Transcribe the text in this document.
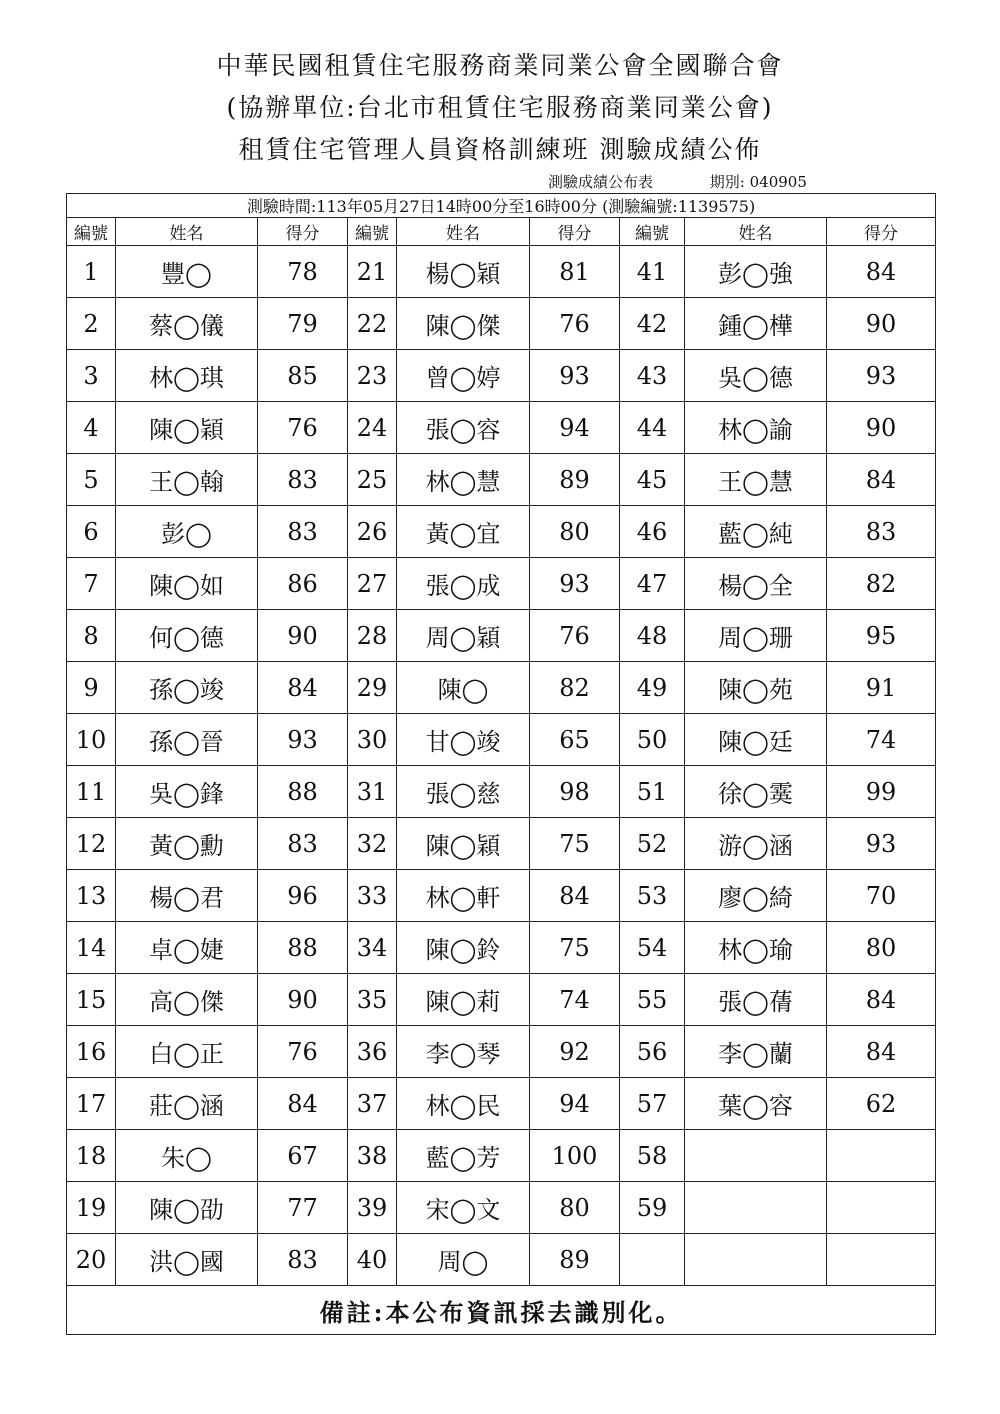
中華民國租賃住宅服務商業同業公會全國聯合會
(協辦單位:台北市租賃住宅服務商業同業公會)
租賃住宅管理人員資格訓練班 測驗成績公佈
測驗成績公布表	期別: 040905
測驗時間:113年05月27日14時00分至16時00分 (測驗編號:1139575)								
編號	姓名	得分	編號	姓名	得分	編號	姓名	得分
1	豐◯	78	21	楊◯穎	81	41	彭◯強	84
2	蔡◯儀	79	22	陳◯傑	76	42	鍾◯樺	90
3	林◯琪	85	23	曾◯婷	93	43	吳◯德	93
4	陳◯穎	76	24	張◯容	94	44	林◯諭	90
5	王◯翰	83	25	林◯慧	89	45	王◯慧	84
6	彭◯	83	26	黃◯宜	80	46	藍◯純	83
7	陳◯如	86	27	張◯成	93	47	楊◯全	82
8	何◯德	90	28	周◯穎	76	48	周◯珊	95
9	孫◯竣	84	29	陳◯	82	49	陳◯苑	91
10	孫◯晉	93	30	甘◯竣	65	50	陳◯廷	74
11	吳◯鋒	88	31	張◯慈	98	51	徐◯霙	99
12	黃◯勳	83	32	陳◯穎	75	52	游◯涵	93
13	楊◯君	96	33	林◯軒	84	53	廖◯綺	70
14	卓◯婕	88	34	陳◯鈴	75	54	林◯瑜	80
15	高◯傑	90	35	陳◯莉	74	55	張◯蒨	84
16	白◯正	76	36	李◯琴	92	56	李◯蘭	84
17	莊◯涵	84	37	林◯民	94	57	葉◯容	62
18	朱◯	67	38	藍◯芳	100	58		
19	陳◯劭	77	39	宋◯文	80	59		
20	洪◯國	83	40	周◯	89			
備註:本公布資訊採去識別化。								
